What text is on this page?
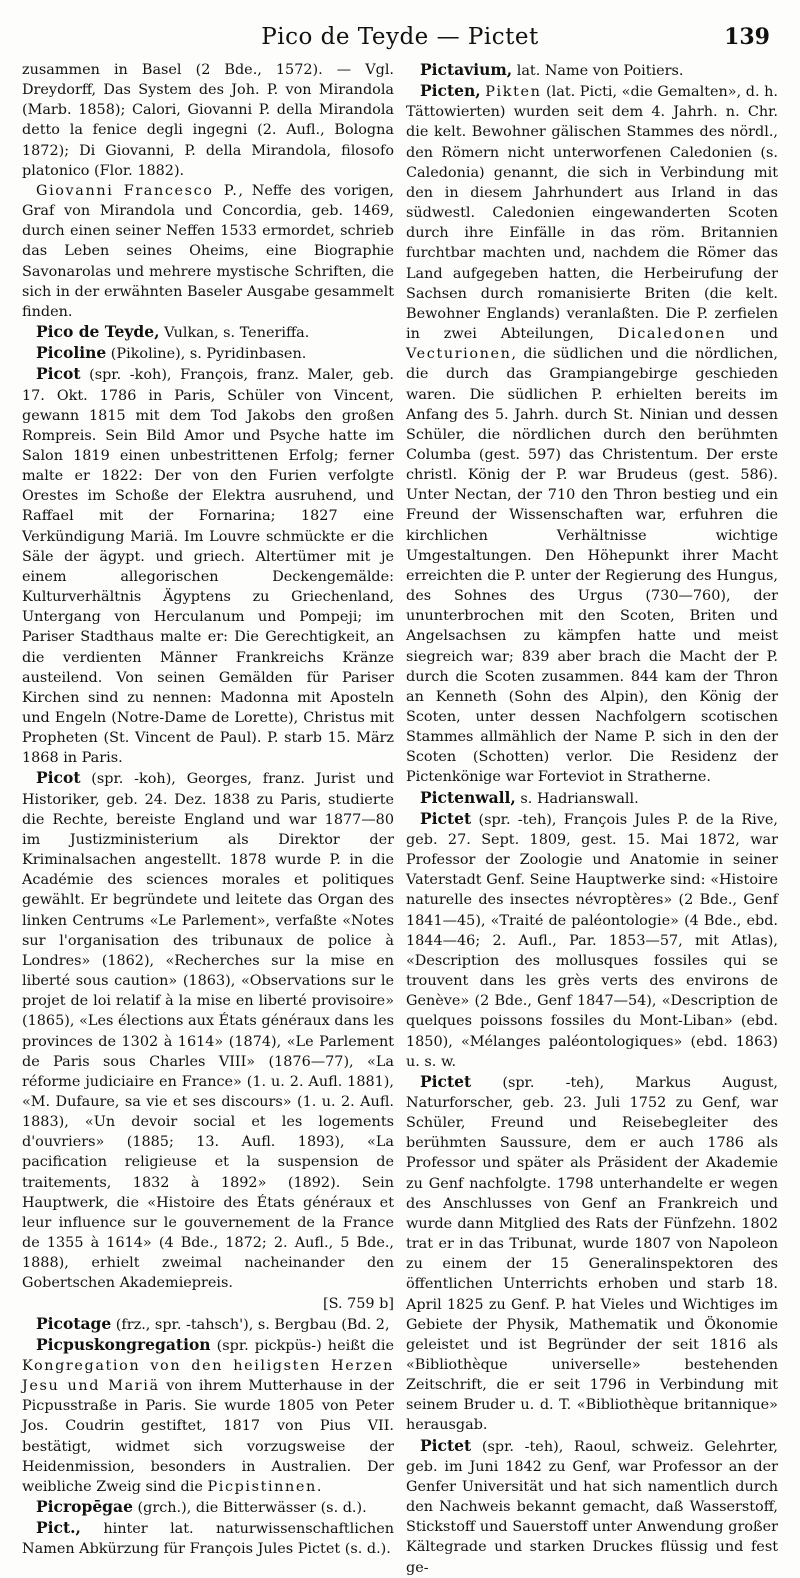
Pico de Teyde — Pictet	139

zusammen in Basel (2 Bde., 1572). — Vgl. Dreydorff, Das System des Joh. P. von Mirandola (Marb. 1858); Calori, Giovanni P. della Mirandola detto la fenice degli ingegni (2. Aufl., Bologna 1872); Di Giovanni, P. della Mirandola, filosofo platonico (Flor. 1882).

Giovanni Francesco P., Neffe des vorigen, Graf von Mirandola und Concordia, geb. 1469, durch einen seiner Neffen 1533 ermordet, schrieb das Leben seines Oheims, eine Biographie Savonarolas und mehrere mystische Schriften, die sich in der erwähnten Baseler Ausgabe gesammelt finden.

Pico de Teyde, Vulkan, s. Teneriffa.

Picoline (Pikoline), s. Pyridinbasen.

Picot (spr. -koh), François, franz. Maler, geb. 17. Okt. 1786 in Paris, Schüler von Vincent, gewann 1815 mit dem Tod Jakobs den großen Rompreis. Sein Bild Amor und Psyche hatte im Salon 1819 einen unbestrittenen Erfolg; ferner malte er 1822: Der von den Furien verfolgte Orestes im Schoße der Elektra ausruhend, und Raffael mit der Fornarina; 1827 eine Verkündigung Mariä. Im Louvre schmückte er die Säle der ägypt. und griech. Altertümer mit je einem allegorischen Deckengemälde: Kulturverhältnis Ägyptens zu Griechenland, Untergang von Herculanum und Pompeji; im Pariser Stadthaus malte er: Die Gerechtigkeit, an die verdienten Männer Frankreichs Kränze austeilend. Von seinen Gemälden für Pariser Kirchen sind zu nennen: Madonna mit Aposteln und Engeln (Notre-Dame de Lorette), Christus mit Propheten (St. Vincent de Paul). P. starb 15. März 1868 in Paris.

Picot (spr. -koh), Georges, franz. Jurist und Historiker, geb. 24. Dez. 1838 zu Paris, studierte die Rechte, bereiste England und war 1877—80 im Justizministerium als Direktor der Kriminalsachen angestellt. 1878 wurde P. in die Académie des sciences morales et politiques gewählt. Er begründete und leitete das Organ des linken Centrums «Le Parlement», verfaßte «Notes sur l'organisation des tribunaux de police à Londres» (1862), «Recherches sur la mise en liberté sous caution» (1863), «Observations sur le projet de loi relatif à la mise en liberté provisoire» (1865), «Les élections aux États généraux dans les provinces de 1302 à 1614» (1874), «Le Parlement de Paris sous Charles VIII» (1876—77), «La réforme judiciaire en France» (1. u. 2. Aufl. 1881), «M. Dufaure, sa vie et ses discours» (1. u. 2. Aufl. 1883), «Un devoir social et les logements d'ouvriers» (1885; 13. Aufl. 1893), «La pacification religieuse et la suspension de traitements, 1832 à 1892» (1892). Sein Hauptwerk, die «Histoire des États généraux et leur influence sur le gouvernement de la France de 1355 à 1614» (4 Bde., 1872; 2. Aufl., 5 Bde., 1888), erhielt zweimal nacheinander den Gobertschen Akademiepreis.
[S. 759 b]

Picotage (frz., spr. -tahsch'), s. Bergbau (Bd. 2,

Picpuskongregation (spr. pickpüs-) heißt die Kongregation von den heiligsten Herzen Jesu und Mariä von ihrem Mutterhause in der Picpusstraße in Paris. Sie wurde 1805 von Peter Jos. Coudrin gestiftet, 1817 von Pius VII. bestätigt, widmet sich vorzugsweise der Heidenmission, besonders in Australien. Der weibliche Zweig sind die Picpistinnen.

Picropēgae (grch.), die Bitterwässer (s. d.).

Pict., hinter lat. naturwissenschaftlichen Namen Abkürzung für François Jules Pictet (s. d.).

Pictavium, lat. Name von Poitiers.

Picten, Pikten (lat. Picti, «die Gemalten», d. h. Tättowierten) wurden seit dem 4. Jahrh. n. Chr. die kelt. Bewohner gälischen Stammes des nördl., den Römern nicht unterworfenen Caledonien (s. Caledonia) genannt, die sich in Verbindung mit den in diesem Jahrhundert aus Irland in das südwestl. Caledonien eingewanderten Scoten durch ihre Einfälle in das röm. Britannien furchtbar machten und, nachdem die Römer das Land aufgegeben hatten, die Herbeirufung der Sachsen durch romanisierte Briten (die kelt. Bewohner Englands) veranlaßten. Die P. zerfielen in zwei Abteilungen, Dicaledonen und Vecturionen, die südlichen und die nördlichen, die durch das Grampiangebirge geschieden waren. Die südlichen P. erhielten bereits im Anfang des 5. Jahrh. durch St. Ninian und dessen Schüler, die nördlichen durch den berühmten Columba (gest. 597) das Christentum. Der erste christl. König der P. war Brudeus (gest. 586). Unter Nectan, der 710 den Thron bestieg und ein Freund der Wissenschaften war, erfuhren die kirchlichen Verhältnisse wichtige Umgestaltungen. Den Höhepunkt ihrer Macht erreichten die P. unter der Regierung des Hungus, des Sohnes des Urgus (730—760), der ununterbrochen mit den Scoten, Briten und Angelsachsen zu kämpfen hatte und meist siegreich war; 839 aber brach die Macht der P. durch die Scoten zusammen. 844 kam der Thron an Kenneth (Sohn des Alpin), den König der Scoten, unter dessen Nachfolgern scotischen Stammes allmählich der Name P. sich in den der Scoten (Schotten) verlor. Die Residenz der Pictenkönige war Forteviot in Stratherne.

Pictenwall, s. Hadrianswall.

Pictet (spr. -teh), François Jules P. de la Rive, geb. 27. Sept. 1809, gest. 15. Mai 1872, war Professor der Zoologie und Anatomie in seiner Vaterstadt Genf. Seine Hauptwerke sind: «Histoire naturelle des insectes névroptères» (2 Bde., Genf 1841—45), «Traité de paléontologie» (4 Bde., ebd. 1844—46; 2. Aufl., Par. 1853—57, mit Atlas), «Description des mollusques fossiles qui se trouvent dans les grès verts des environs de Genève» (2 Bde., Genf 1847—54), «Description de quelques poissons fossiles du Mont-Liban» (ebd. 1850), «Mélanges paléontologiques» (ebd. 1863) u. s. w.

Pictet (spr. -teh), Markus August, Naturforscher, geb. 23. Juli 1752 zu Genf, war Schüler, Freund und Reisebegleiter des berühmten Saussure, dem er auch 1786 als Professor und später als Präsident der Akademie zu Genf nachfolgte. 1798 unterhandelte er wegen des Anschlusses von Genf an Frankreich und wurde dann Mitglied des Rats der Fünfzehn. 1802 trat er in das Tribunat, wurde 1807 von Napoleon zu einem der 15 Generalinspektoren des öffentlichen Unterrichts erhoben und starb 18. April 1825 zu Genf. P. hat Vieles und Wichtiges im Gebiete der Physik, Mathematik und Ökonomie geleistet und ist Begründer der seit 1816 als «Bibliothèque universelle» bestehenden Zeitschrift, die er seit 1796 in Verbindung mit seinem Bruder u. d. T. «Bibliothèque britannique» herausgab.

Pictet (spr. -teh), Raoul, schweiz. Gelehrter, geb. im Juni 1842 zu Genf, war Professor an der Genfer Universität und hat sich namentlich durch den Nachweis bekannt gemacht, daß Wasserstoff, Stickstoff und Sauerstoff unter Anwendung großer Kältegrade und starken Druckes flüssig und fest ge-
